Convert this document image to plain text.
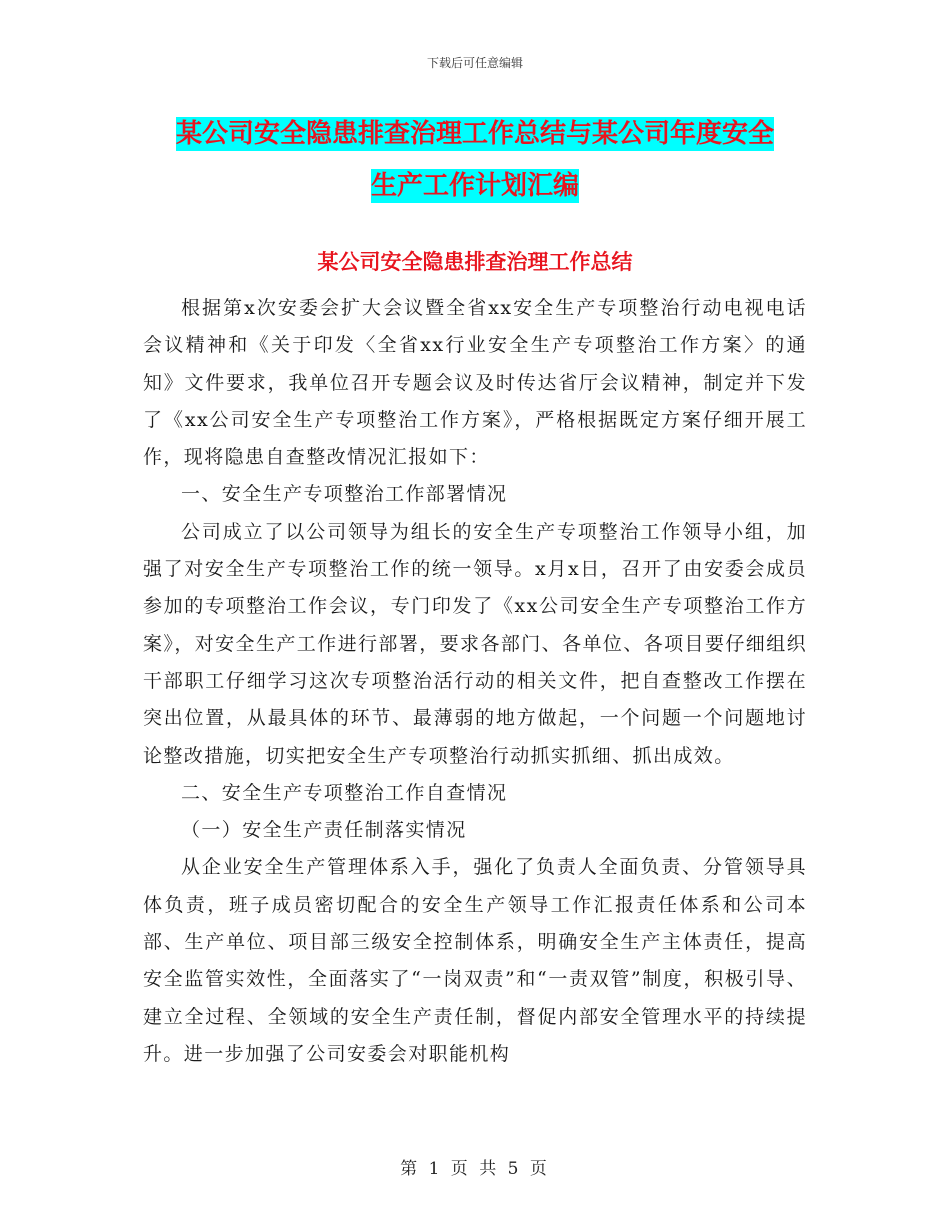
下载后可任意编辑
某公司安全隐患排查治理工作总结与某公司年度安全
生产工作计划汇编
某公司安全隐患排查治理工作总结

根据第x次安委会扩大会议暨全省xx安全生产专项整治行动电视电话会议精神和《关于印发〈全省xx行业安全生产专项整治工作方案〉的通知》文件要求，我单位召开专题会议及时传达省厅会议精神，制定并下发了《xx公司安全生产专项整治工作方案》，严格根据既定方案仔细开展工作，现将隐患自查整改情况汇报如下：

一、安全生产专项整治工作部署情况

公司成立了以公司领导为组长的安全生产专项整治工作领导小组，加强了对安全生产专项整治工作的统一领导。x月x日，召开了由安委会成员参加的专项整治工作会议，专门印发了《xx公司安全生产专项整治工作方案》，对安全生产工作进行部署，要求各部门、各单位、各项目要仔细组织干部职工仔细学习这次专项整治活行动的相关文件，把自查整改工作摆在突出位置，从最具体的环节、最薄弱的地方做起，一个问题一个问题地讨论整改措施，切实把安全生产专项整治行动抓实抓细、抓出成效。

二、安全生产专项整治工作自查情况

（一）安全生产责任制落实情况

从企业安全生产管理体系入手，强化了负责人全面负责、分管领导具体负责，班子成员密切配合的安全生产领导工作汇报责任体系和公司本部、生产单位、项目部三级安全控制体系，明确安全生产主体责任，提高安全监管实效性，全面落实了“一岗双责”和“一责双管”制度，积极引导、建立全过程、全领域的安全生产责任制，督促内部安全管理水平的持续提升。进一步加强了公司安委会对职能机构

第 1 页 共 5 页
